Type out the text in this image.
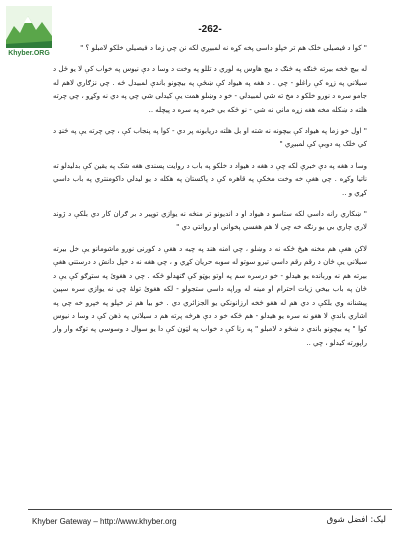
Khyber.ORG
-262-

" کوا د فیصیلی خلک هم تر خپلو داسی پخه کړه نه لمبیږي لکه نن چي زما د فیصیلي خلکو لامبلو ؟ "

له بیچ څخه بیرته څنګه په څنګ د بیچ هاوس په لوري د تللو په وخت د وسا د دې نیوس په خواب کې لا یو ځل د سیلاني په زړه کې راغلو - چي . د هغه په هیواد کې ښځې په بیچونو باندې لمبیدل څه . چي نزګاري لاهم له جامو سره د نورو خلکو د مخ ته شي لمبیدلي - خو د وښلو همت یې کیدلی شي چي په دي نه وکړو ، چي چرته هلته د ښکله مخه هغه زړه ماني نه شي - نو څکه بي خبره په سره د پیچله ..

" اول خو زما په هیواد کې بیچونه نه شته او بل هلته دریابونه پر دي - کوا په پنجاب کې ، چي چرته یې په څنډ د کي خلک په دوبې کې لمبیږي "

وسا د هغه په دې خبرې لکه چې د هغه د هیواد د خلکو په باب د روایت پسندی هغه شک په یقین کې بدلیدلو ته ناتیا وکړه . چي هغې خه وخت مخکې په قاهره کې د پاکستان په هکله د یو لیدلي داکومنتري په باب داسي کړي و ..

" ښکاري رانه داسي لکه ستاسو د هیواد او د اندیونو تر منځه نه یوازي توپیر د بر ګران کار دي بلکې د ژوند لاري چاري بي یو رنګه خه چي لا هم هغسي پخواني او روانتي دي "

لاکن هغې هم مخنه هیڅ څکه نه د وښلو ، چي امنه هند په چیه د هغې د کورنی نورو ماشومانو یې خل بیرته سیلاني یې څان د رقم رقم داسي تیرو سوتو له سوبه حریان کړي و ، چي هغه نه د خپل دانش د درستني هغې بیرته هم نه وربانده یو هیدلو - خو درسره سم په اوتو بوټو کې ګنهدلو څکه . چي د هغوئ په ستړګو کې یې د څان په باب بیخي زیات احترام او مینه له وراپه داسي ستجولو - لکه هغوئ تولهٔ چي نه یوازي سره سپین پیشنانه وي بلکې د دي هم له هغو څخه ارزانونکي یو الجزائري دي . خو بیا هم تر خپلو په خپرو خه چي په اشاري باندې لا هغو نه سره یو هیدلو - هم څکه خو د دې هرڅه پرته هم د سیلاني په ذهن کې د وسا د نیوس کوا " په بیچونو باندي د ښځو د لامبلو " په رنا کې د خواب په لټون کې دا یو سوال د وسوسي په توګه وار وار راپورته کیدلو ، چي ..

Khyber Gateway – http://www.khyber.org	لیک: افضل شوق
